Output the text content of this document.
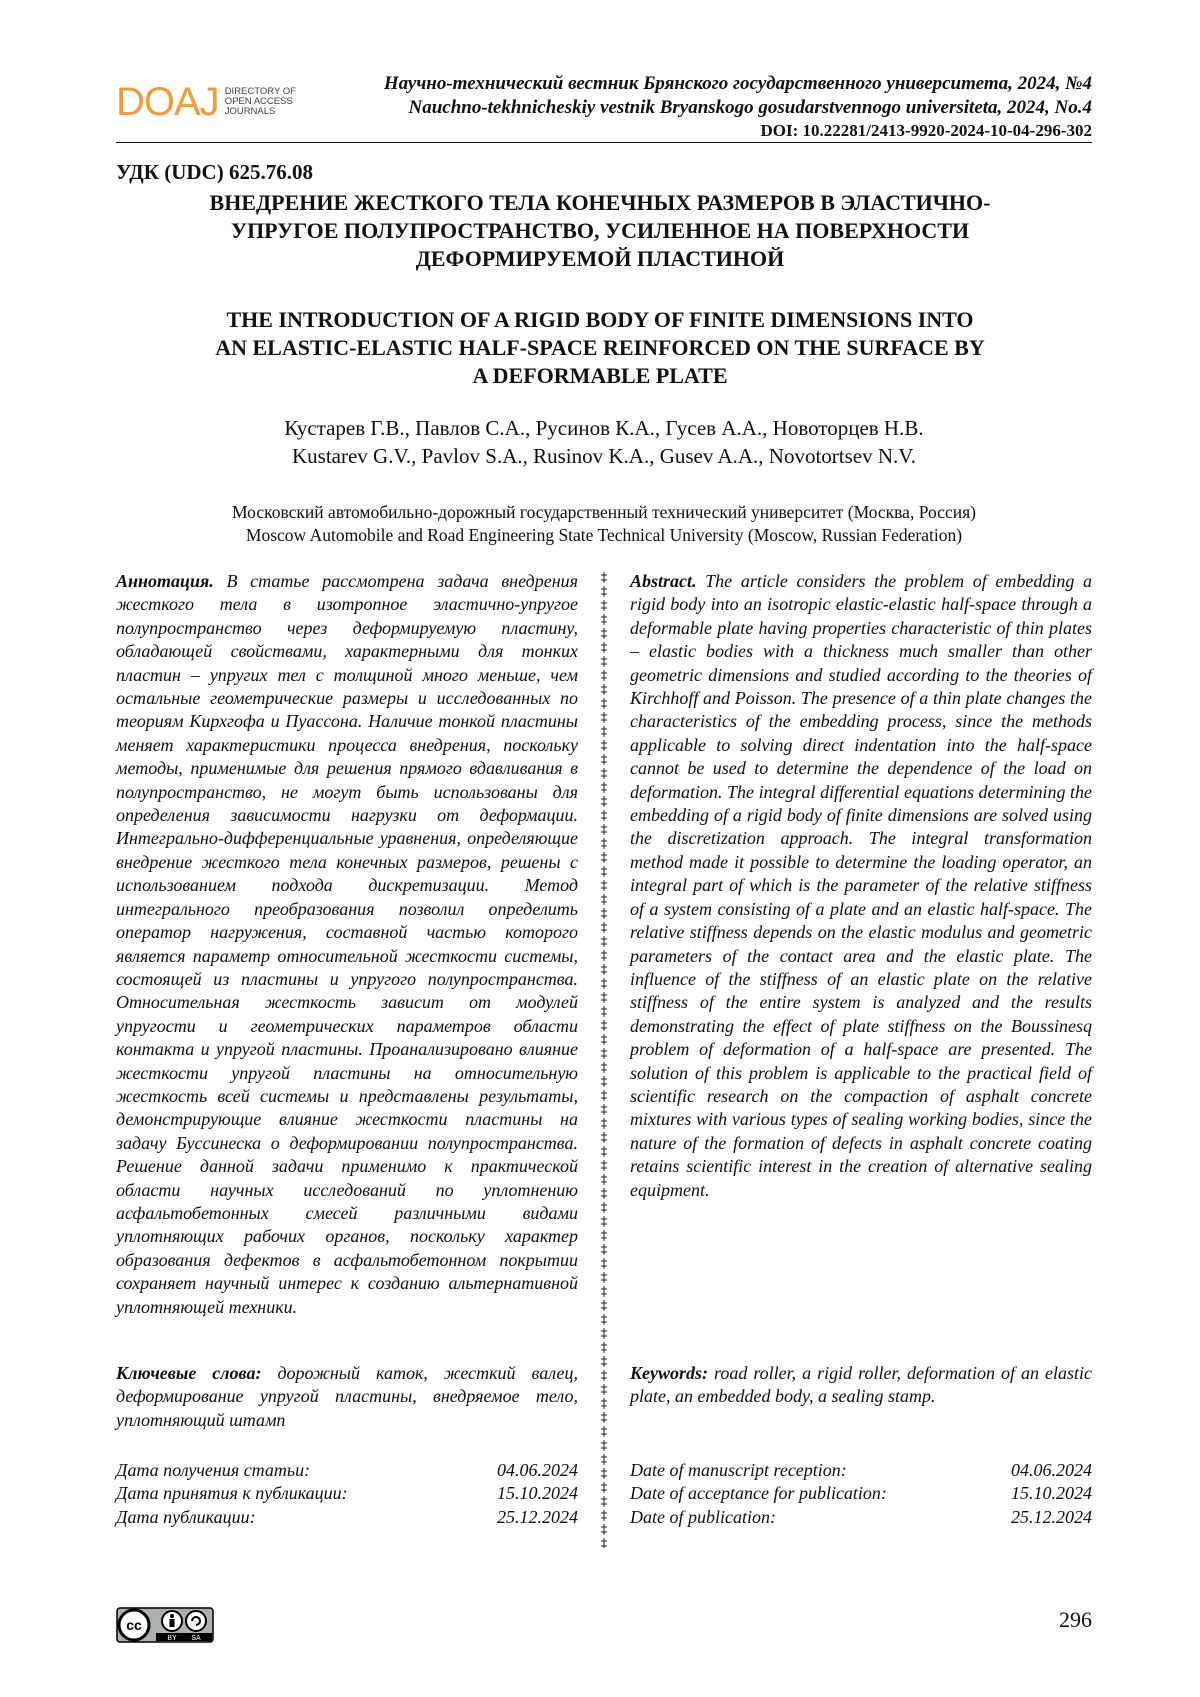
DOAJ DIRECTORY OF
OPEN ACCESS
JOURNALS
Научно-технический вестник Брянского государственного университета, 2024, №4
Nauchno-tekhnicheskiy vestnik Bryanskogo gosudarstvennogo universiteta, 2024, No.4
DOI: 10.22281/2413-9920-2024-10-04-296-302
УДК (UDC) 625.76.08
ВНЕДРЕНИЕ ЖЕСТКОГО ТЕЛА КОНЕЧНЫХ РАЗМЕРОВ В ЭЛАСТИЧНО-
УПРУГОЕ ПОЛУПРОСТРАНСТВО, УСИЛЕННОЕ НА ПОВЕРХНОСТИ
ДЕФОРМИРУЕМОЙ ПЛАСТИНОЙ
THE INTRODUCTION OF A RIGID BODY OF FINITE DIMENSIONS INTO
AN ELASTIC-ELASTIC HALF-SPACE REINFORCED ON THE SURFACE BY
A DEFORMABLE PLATE
Кустарев Г.В., Павлов С.А., Русинов К.А., Гусев А.А., Новоторцев Н.В.
Kustarev G.V., Pavlov S.A., Rusinov K.A., Gusev A.A., Novotortsev N.V.
Московский автомобильно-дорожный государственный технический университет (Москва, Россия)
Moscow Automobile and Road Engineering State Technical University (Moscow, Russian Federation)
Аннотация. В статье рассмотрена задача внедрения жесткого тела в изотропное эластично-упругое полупространство через деформируемую пластину, обладающей свойствами, характерными для тонких пластин – упругих тел с толщиной много меньше, чем остальные геометрические размеры и исследованных по теориям Кирхгофа и Пуассона. Наличие тонкой пластины меняет характеристики процесса внедрения, поскольку методы, применимые для решения прямого вдавливания в полупространство, не могут быть использованы для определения зависимости нагрузки от деформации. Интегрально-дифференциальные уравнения, определяющие внедрение жесткого тела конечных размеров, решены с использованием подхода дискретизации. Метод интегрального преобразования позволил определить оператор нагружения, составной частью которого является параметр относительной жесткости системы, состоящей из пластины и упругого полупространства. Относительная жесткость зависит от модулей упругости и геометрических параметров области контакта и упругой пластины. Проанализировано влияние жесткости упругой пластины на относительную жесткость всей системы и представлены результаты, демонстрирующие влияние жесткости пластины на задачу Буссинеска о деформировании полупространства. Решение данной задачи применимо к практической области научных исследований по уплотнению асфальтобетонных смесей различными видами уплотняющих рабочих органов, поскольку характер образования дефектов в асфальтобетонном покрытии сохраняет научный интерес к созданию альтернативной уплотняющей техники.
Abstract. The article considers the problem of embedding a rigid body into an isotropic elastic-elastic half-space through a deformable plate having properties characteristic of thin plates – elastic bodies with a thickness much smaller than other geometric dimensions and studied according to the theories of Kirchhoff and Poisson. The presence of a thin plate changes the characteristics of the embedding process, since the methods applicable to solving direct indentation into the half-space cannot be used to determine the dependence of the load on deformation. The integral differential equations determining the embedding of a rigid body of finite dimensions are solved using the discretization approach. The integral transformation method made it possible to determine the loading operator, an integral part of which is the parameter of the relative stiffness of a system consisting of a plate and an elastic half-space. The relative stiffness depends on the elastic modulus and geometric parameters of the contact area and the elastic plate. The influence of the stiffness of an elastic plate on the relative stiffness of the entire system is analyzed and the results demonstrating the effect of plate stiffness on the Boussinesq problem of deformation of a half-space are presented. The solution of this problem is applicable to the practical field of scientific research on the compaction of asphalt concrete mixtures with various types of sealing working bodies, since the nature of the formation of defects in asphalt concrete coating retains scientific interest in the creation of alternative sealing equipment.
Ключевые слова: дорожный каток, жесткий валец, деформирование упругой пластины, внедряемое тело, уплотняющий штамп
Keywords: road roller, a rigid roller, deformation of an elastic plate, an embedded body, a sealing stamp.
Дата получения статьи:	04.06.2024
Дата принятия к публикации:	15.10.2024
Дата публикации:	25.12.2024
Date of manuscript reception:	04.06.2024
Date of acceptance for publication:	15.10.2024
Date of publication:	25.12.2024
cc
BY SA
296
